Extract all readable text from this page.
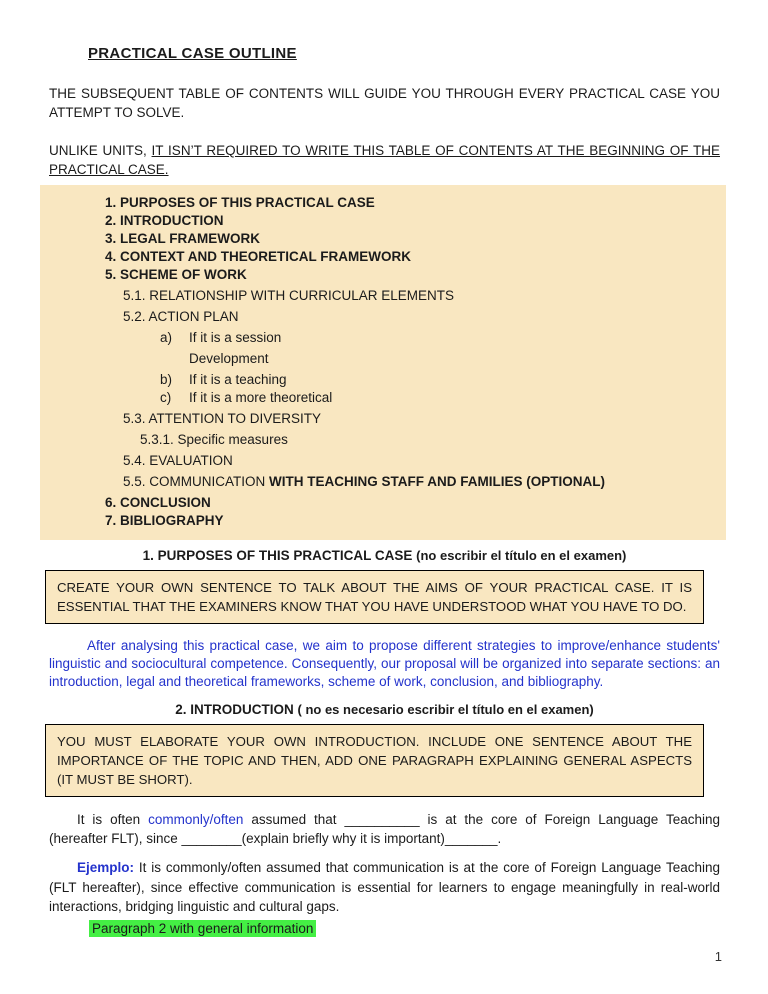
PRACTICAL CASE OUTLINE

THE SUBSEQUENT TABLE OF CONTENTS WILL GUIDE YOU THROUGH EVERY PRACTICAL CASE YOU ATTEMPT TO SOLVE.

UNLIKE UNITS, IT ISN’T REQUIRED TO WRITE THIS TABLE OF CONTENTS AT THE BEGINNING OF THE PRACTICAL CASE.

1. PURPOSES OF THIS PRACTICAL CASE
2. INTRODUCTION
3. LEGAL FRAMEWORK
4. CONTEXT AND THEORETICAL FRAMEWORK
5. SCHEME OF WORK
5.1. RELATIONSHIP WITH CURRICULAR ELEMENTS
5.2. ACTION PLAN
a)	If it is a session
Development
b)	If it is a teaching
c)	If it is a more theoretical
5.3. ATTENTION TO DIVERSITY
5.3.1. Specific measures
5.4. EVALUATION
5.5. COMMUNICATION WITH TEACHING STAFF AND FAMILIES (OPTIONAL)
6. CONCLUSION
7. BIBLIOGRAPHY
1. PURPOSES OF THIS PRACTICAL CASE (no escribir el título en el examen)
CREATE YOUR OWN SENTENCE TO TALK ABOUT THE AIMS OF YOUR PRACTICAL CASE. IT IS ESSENTIAL THAT THE EXAMINERS KNOW THAT YOU HAVE UNDERSTOOD WHAT YOU HAVE TO DO.

After analysing this practical case, we aim to propose different strategies to improve/enhance students' linguistic and sociocultural competence. Consequently, our proposal will be organized into separate sections: an introduction, legal and theoretical frameworks, scheme of work, conclusion, and bibliography.

2. INTRODUCTION ( no es necesario escribir el título en el examen)
YOU MUST ELABORATE YOUR OWN INTRODUCTION. INCLUDE ONE SENTENCE ABOUT THE IMPORTANCE OF THE TOPIC AND THEN, ADD ONE PARAGRAPH EXPLAINING GENERAL ASPECTS (IT MUST BE SHORT).

It is often commonly/often assumed that __________ is at the core of Foreign Language Teaching (hereafter FLT), since ________(explain briefly why it is important)_______.

Ejemplo: It is commonly/often assumed that communication is at the core of Foreign Language Teaching (FLT hereafter), since effective communication is essential for learners to engage meaningfully in real-world interactions, bridging linguistic and cultural gaps.

Paragraph 2 with general information
1
